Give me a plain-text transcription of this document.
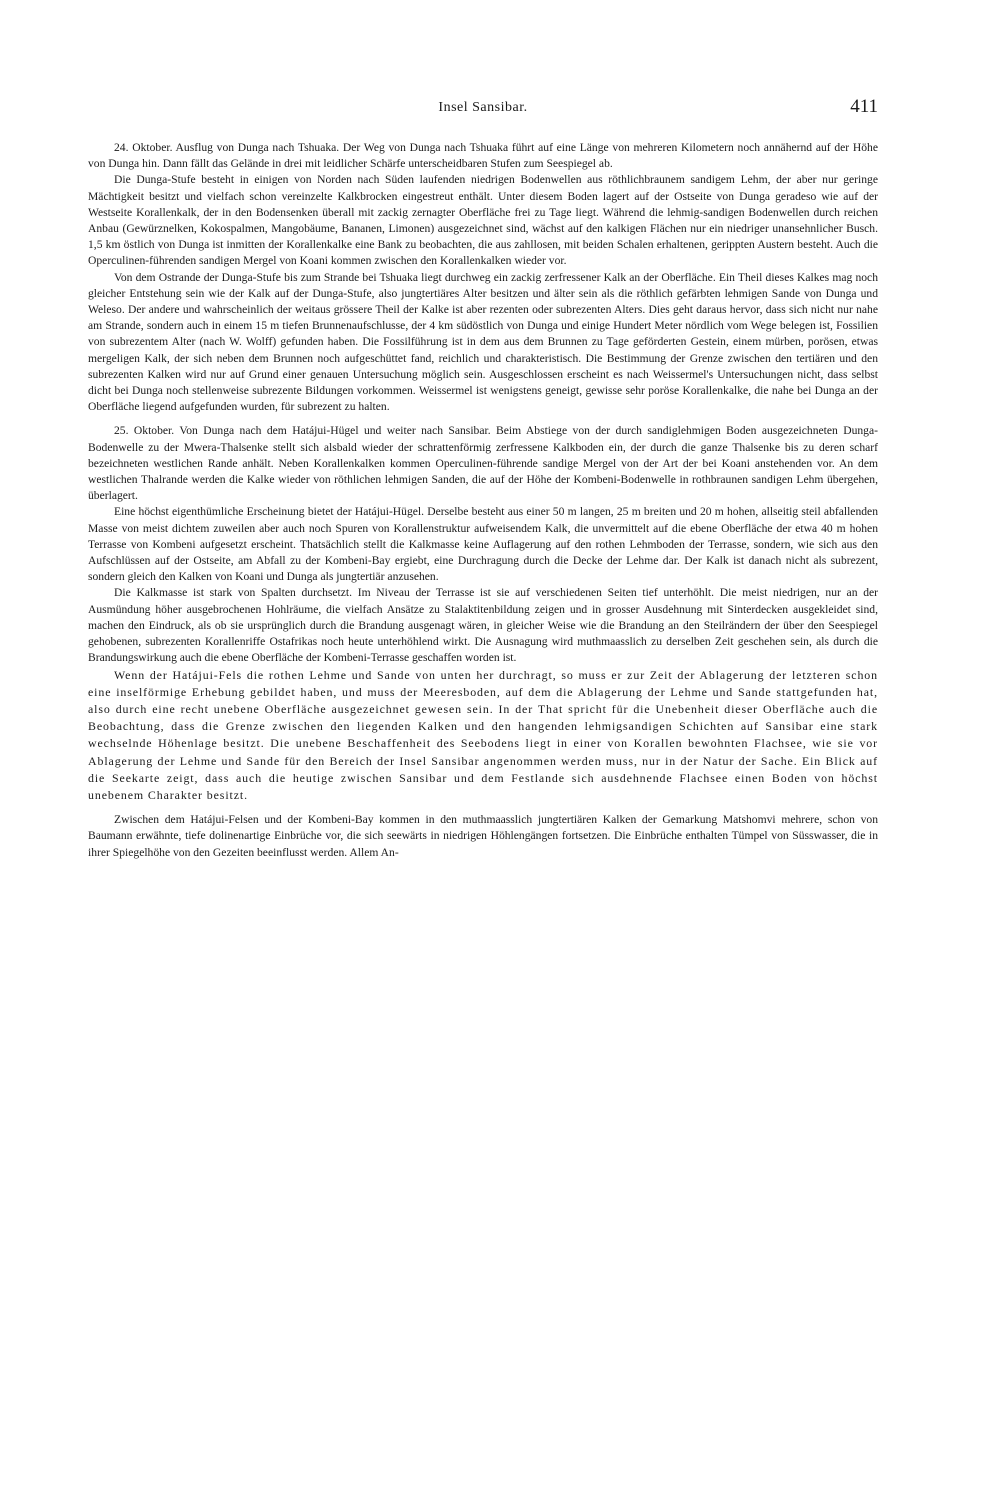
Insel Sansibar.	411

24. Oktober. Ausflug von Dunga nach Tshuaka. Der Weg von Dunga nach Tshuaka führt auf eine Länge von mehreren Kilometern noch annähernd auf der Höhe von Dunga hin. Dann fällt das Gelände in drei mit leidlicher Schärfe unterscheidbaren Stufen zum Seespiegel ab.

Die Dunga-Stufe besteht in einigen von Norden nach Süden laufenden niedrigen Bodenwellen aus röthlichbraunem sandigem Lehm, der aber nur geringe Mächtigkeit besitzt und vielfach schon vereinzelte Kalkbrocken eingestreut enthält. Unter diesem Boden lagert auf der Ostseite von Dunga geradeso wie auf der Westseite Korallenkalk, der in den Bodensenken überall mit zackig zernagter Oberfläche frei zu Tage liegt. Während die lehmig-sandigen Bodenwellen durch reichen Anbau (Gewürznelken, Kokospalmen, Mangobäume, Bananen, Limonen) ausgezeichnet sind, wächst auf den kalkigen Flächen nur ein niedriger unansehnlicher Busch. 1,5 km östlich von Dunga ist inmitten der Korallenkalke eine Bank zu beobachten, die aus zahllosen, mit beiden Schalen erhaltenen, gerippten Austern besteht. Auch die Operculinen-führenden sandigen Mergel von Koani kommen zwischen den Korallenkalken wieder vor.

Von dem Ostrande der Dunga-Stufe bis zum Strande bei Tshuaka liegt durchweg ein zackig zerfressener Kalk an der Oberfläche. Ein Theil dieses Kalkes mag noch gleicher Entstehung sein wie der Kalk auf der Dunga-Stufe, also jungtertiäres Alter besitzen und älter sein als die röthlich gefärbten lehmigen Sande von Dunga und Weleso. Der andere und wahrscheinlich der weitaus grössere Theil der Kalke ist aber rezenten oder subrezenten Alters. Dies geht daraus hervor, dass sich nicht nur nahe am Strande, sondern auch in einem 15 m tiefen Brunnenaufschlusse, der 4 km südöstlich von Dunga und einige Hundert Meter nördlich vom Wege belegen ist, Fossilien von subrezentem Alter (nach W. Wolff) gefunden haben. Die Fossilführung ist in dem aus dem Brunnen zu Tage geförderten Gestein, einem mürben, porösen, etwas mergeligen Kalk, der sich neben dem Brunnen noch aufgeschüttet fand, reichlich und charakteristisch. Die Bestimmung der Grenze zwischen den tertiären und den subrezenten Kalken wird nur auf Grund einer genauen Untersuchung möglich sein. Ausgeschlossen erscheint es nach Weissermel's Untersuchungen nicht, dass selbst dicht bei Dunga noch stellenweise subrezente Bildungen vorkommen. Weissermel ist wenigstens geneigt, gewisse sehr poröse Korallenkalke, die nahe bei Dunga an der Oberfläche liegend aufgefunden wurden, für subrezent zu halten.

25. Oktober. Von Dunga nach dem Hatájui-Hügel und weiter nach Sansibar. Beim Abstiege von der durch sandiglehmigen Boden ausgezeichneten Dunga-Bodenwelle zu der Mwera-Thalsenke stellt sich alsbald wieder der schrattenförmig zerfressene Kalkboden ein, der durch die ganze Thalsenke bis zu deren scharf bezeichneten westlichen Rande anhält. Neben Korallenkalken kommen Operculinen-führende sandige Mergel von der Art der bei Koani anstehenden vor. An dem westlichen Thalrande werden die Kalke wieder von röthlichen lehmigen Sanden, die auf der Höhe der Kombeni-Bodenwelle in rothbraunen sandigen Lehm übergehen, überlagert.

Eine höchst eigenthümliche Erscheinung bietet der Hatájui-Hügel. Derselbe besteht aus einer 50 m langen, 25 m breiten und 20 m hohen, allseitig steil abfallenden Masse von meist dichtem zuweilen aber auch noch Spuren von Korallenstruktur aufweisendem Kalk, die unvermittelt auf die ebene Oberfläche der etwa 40 m hohen Terrasse von Kombeni aufgesetzt erscheint. Thatsächlich stellt die Kalkmasse keine Auflagerung auf den rothen Lehmboden der Terrasse, sondern, wie sich aus den Aufschlüssen auf der Ostseite, am Abfall zu der Kombeni-Bay ergiebt, eine Durchragung durch die Decke der Lehme dar. Der Kalk ist danach nicht als subrezent, sondern gleich den Kalken von Koani und Dunga als jungtertiär anzusehen.

Die Kalkmasse ist stark von Spalten durchsetzt. Im Niveau der Terrasse ist sie auf verschiedenen Seiten tief unterhöhlt. Die meist niedrigen, nur an der Ausmündung höher ausgebrochenen Hohlräume, die vielfach Ansätze zu Stalaktitenbildung zeigen und in grosser Ausdehnung mit Sinterdecken ausgekleidet sind, machen den Eindruck, als ob sie ursprünglich durch die Brandung ausgenagt wären, in gleicher Weise wie die Brandung an den Steilrändern der über den Seespiegel gehobenen, subrezenten Korallenriffe Ostafrikas noch heute unterhöhlend wirkt. Die Ausnagung wird muthmaasslich zu derselben Zeit geschehen sein, als durch die Brandungswirkung auch die ebene Oberfläche der Kombeni-Terrasse geschaffen worden ist.

Wenn der Hatájui-Fels die rothen Lehme und Sande von unten her durchragt, so muss er zur Zeit der Ablagerung der letzteren schon eine inselförmige Erhebung gebildet haben, und muss der Meeresboden, auf dem die Ablagerung der Lehme und Sande stattgefunden hat, also durch eine recht unebene Oberfläche ausgezeichnet gewesen sein. In der That spricht für die Unebenheit dieser Oberfläche auch die Beobachtung, dass die Grenze zwischen den liegenden Kalken und den hangenden lehmigsandigen Schichten auf Sansibar eine stark wechselnde Höhenlage besitzt. Die unebene Beschaffenheit des Seebodens liegt in einer von Korallen bewohnten Flachsee, wie sie vor Ablagerung der Lehme und Sande für den Bereich der Insel Sansibar angenommen werden muss, nur in der Natur der Sache. Ein Blick auf die Seekarte zeigt, dass auch die heutige zwischen Sansibar und dem Festlande sich ausdehnende Flachsee einen Boden von höchst unebenem Charakter besitzt.

Zwischen dem Hatájui-Felsen und der Kombeni-Bay kommen in den muthmaasslich jungtertiären Kalken der Gemarkung Matshomvi mehrere, schon von Baumann erwähnte, tiefe dolinenartige Einbrüche vor, die sich seewärts in niedrigen Höhlengängen fortsetzen. Die Einbrüche enthalten Tümpel von Süsswasser, die in ihrer Spiegelhöhe von den Gezeiten beeinflusst werden. Allem An-
